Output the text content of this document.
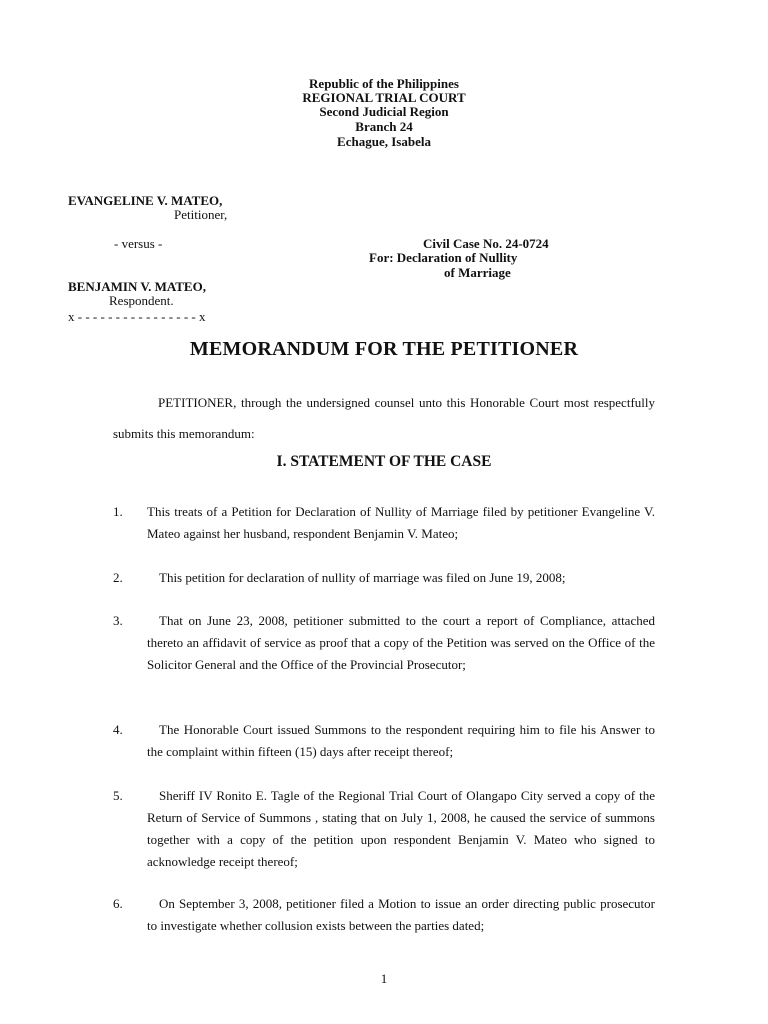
Republic of the Philippines
REGIONAL TRIAL COURT
Second Judicial Region
Branch 24
Echague, Isabela
EVANGELINE V. MATEO,
Petitioner,
- versus -	Civil Case No. 24-0724
For: Declaration of Nullity
of Marriage
BENJAMIN V. MATEO,
Respondent.
x - - - - - - - - - - - - - - - - x
MEMORANDUM FOR THE PETITIONER
PETITIONER, through the undersigned counsel unto this Honorable Court most respectfully submits this memorandum:
I. STATEMENT OF THE CASE
1. This treats of a Petition for Declaration of Nullity of Marriage filed by petitioner Evangeline V. Mateo against her husband, respondent Benjamin V. Mateo;
2.	This petition for declaration of nullity of marriage was filed on June 19, 2008;
3.	That on June 23, 2008, petitioner submitted to the court a report of Compliance, attached thereto an affidavit of service as proof that a copy of the Petition was served on the Office of the Solicitor General and the Office of the Provincial Prosecutor;
4.	The Honorable Court issued Summons to the respondent requiring him to file his Answer to the complaint within fifteen (15) days after receipt thereof;
5.	Sheriff IV Ronito E. Tagle of the Regional Trial Court of Olangapo City served a copy of the Return of Service of Summons , stating that on July 1, 2008, he caused the service of summons together with a copy of the petition upon respondent Benjamin V. Mateo who signed to acknowledge receipt thereof;
6.	On September 3, 2008, petitioner filed a Motion to issue an order directing public prosecutor to investigate whether collusion exists between the parties dated;
1
